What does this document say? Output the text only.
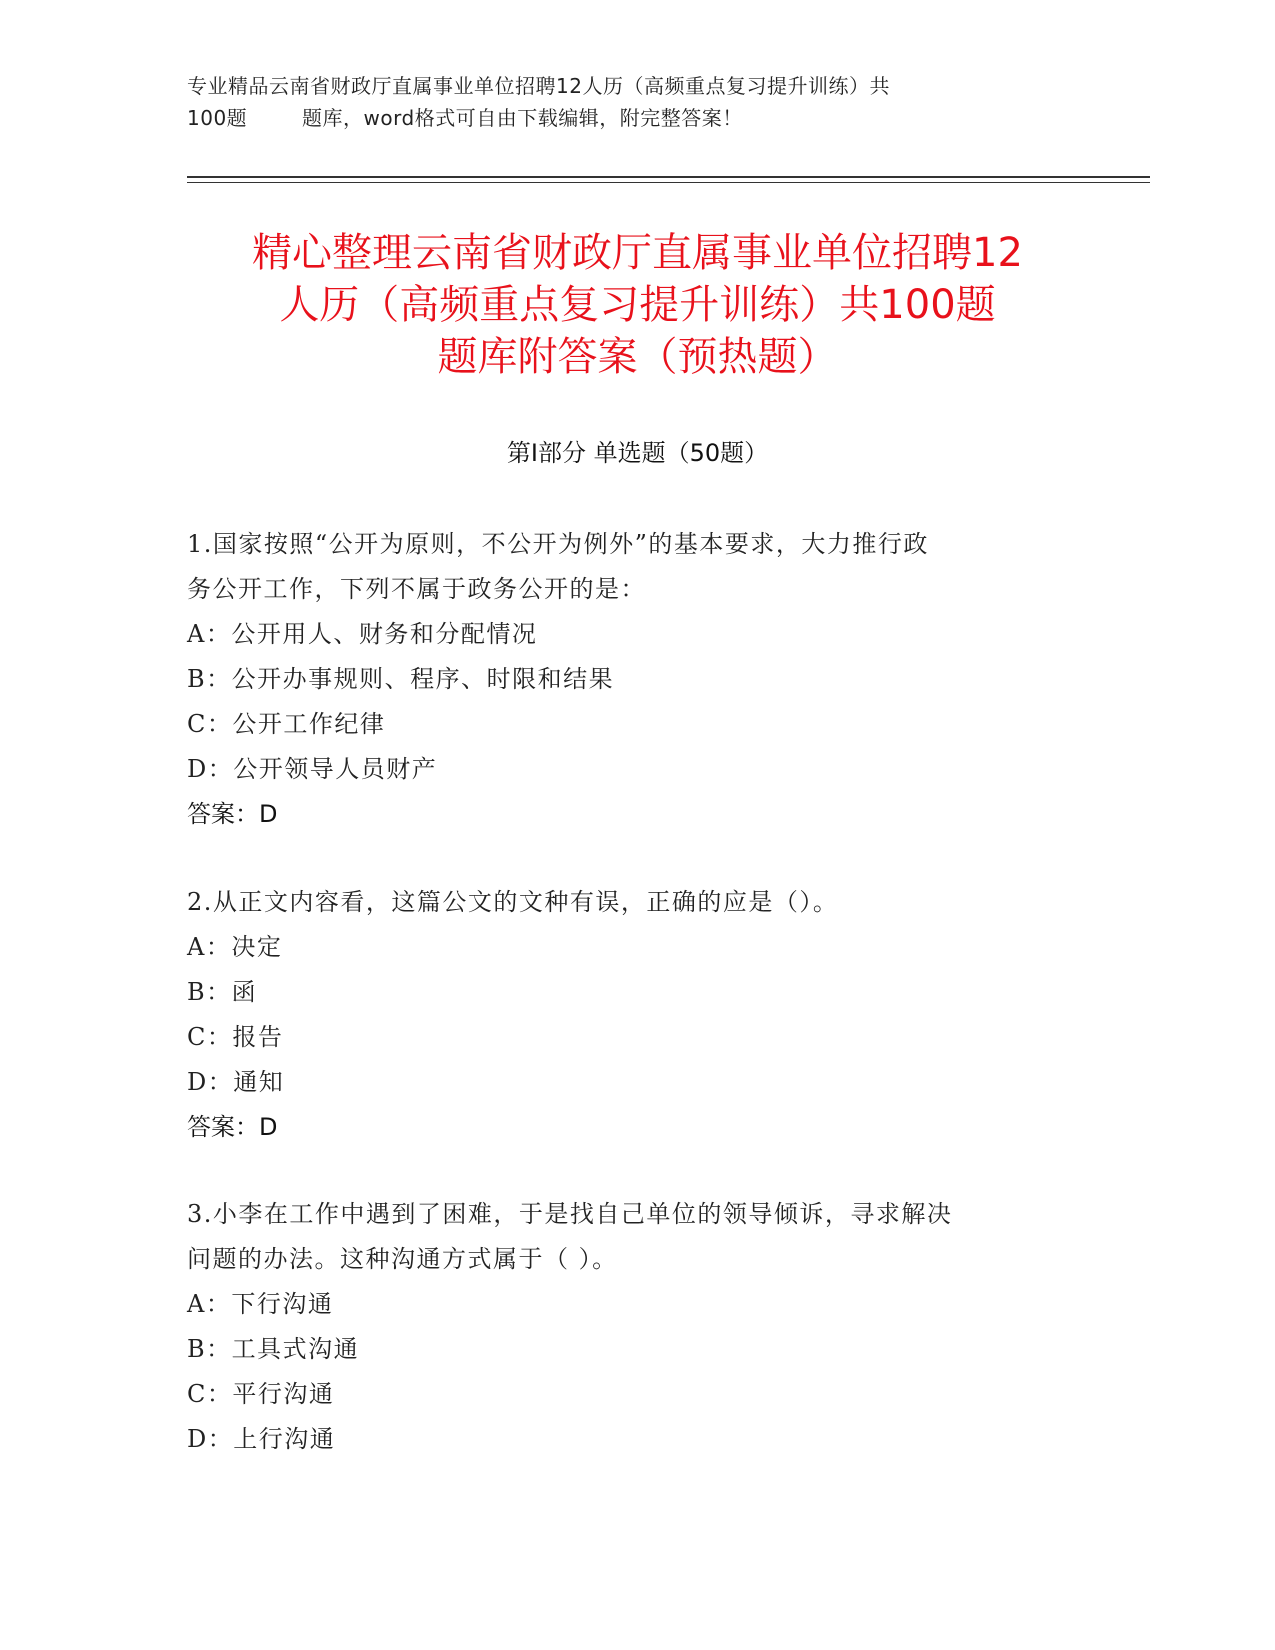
专业精品云南省财政厅直属事业单位招聘12人历（高频重点复习提升训练）共
100题        题库，word格式可自由下载编辑，附完整答案！
精心整理云南省财政厅直属事业单位招聘12
人历（高频重点复习提升训练）共100题
题库附答案（预热题）
第Ⅰ部分 单选题（50题）
1.国家按照“公开为原则，不公开为例外”的基本要求，大力推行政
务公开工作，下列不属于政务公开的是：
A：公开用人、财务和分配情况
B：公开办事规则、程序、时限和结果
C：公开工作纪律
D：公开领导人员财产
答案：D
2.从正文内容看，这篇公文的文种有误，正确的应是（）。
A：决定
B：函
C：报告
D：通知
答案：D
3.小李在工作中遇到了困难，于是找自己单位的领导倾诉，寻求解决
问题的办法。这种沟通方式属于（ ）。
A：下行沟通
B：工具式沟通
C：平行沟通
D：上行沟通
